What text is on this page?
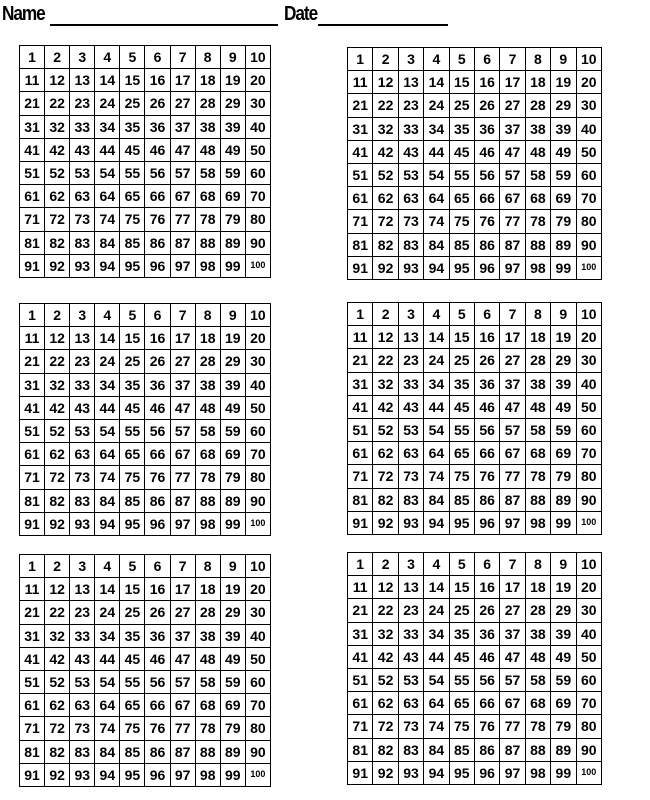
Name	Date
1	2	3	4	5	6	7	8	9	10
11	12	13	14	15	16	17	18	19	20
21	22	23	24	25	26	27	28	29	30
31	32	33	34	35	36	37	38	39	40
41	42	43	44	45	46	47	48	49	50
51	52	53	54	55	56	57	58	59	60
61	62	63	64	65	66	67	68	69	70
71	72	73	74	75	76	77	78	79	80
81	82	83	84	85	86	87	88	89	90
91	92	93	94	95	96	97	98	99	100
1	2	3	4	5	6	7	8	9	10
11	12	13	14	15	16	17	18	19	20
21	22	23	24	25	26	27	28	29	30
31	32	33	34	35	36	37	38	39	40
41	42	43	44	45	46	47	48	49	50
51	52	53	54	55	56	57	58	59	60
61	62	63	64	65	66	67	68	69	70
71	72	73	74	75	76	77	78	79	80
81	82	83	84	85	86	87	88	89	90
91	92	93	94	95	96	97	98	99	100
1	2	3	4	5	6	7	8	9	10
11	12	13	14	15	16	17	18	19	20
21	22	23	24	25	26	27	28	29	30
31	32	33	34	35	36	37	38	39	40
41	42	43	44	45	46	47	48	49	50
51	52	53	54	55	56	57	58	59	60
61	62	63	64	65	66	67	68	69	70
71	72	73	74	75	76	77	78	79	80
81	82	83	84	85	86	87	88	89	90
91	92	93	94	95	96	97	98	99	100
1	2	3	4	5	6	7	8	9	10
11	12	13	14	15	16	17	18	19	20
21	22	23	24	25	26	27	28	29	30
31	32	33	34	35	36	37	38	39	40
41	42	43	44	45	46	47	48	49	50
51	52	53	54	55	56	57	58	59	60
61	62	63	64	65	66	67	68	69	70
71	72	73	74	75	76	77	78	79	80
81	82	83	84	85	86	87	88	89	90
91	92	93	94	95	96	97	98	99	100
1	2	3	4	5	6	7	8	9	10
11	12	13	14	15	16	17	18	19	20
21	22	23	24	25	26	27	28	29	30
31	32	33	34	35	36	37	38	39	40
41	42	43	44	45	46	47	48	49	50
51	52	53	54	55	56	57	58	59	60
61	62	63	64	65	66	67	68	69	70
71	72	73	74	75	76	77	78	79	80
81	82	83	84	85	86	87	88	89	90
91	92	93	94	95	96	97	98	99	100
1	2	3	4	5	6	7	8	9	10
11	12	13	14	15	16	17	18	19	20
21	22	23	24	25	26	27	28	29	30
31	32	33	34	35	36	37	38	39	40
41	42	43	44	45	46	47	48	49	50
51	52	53	54	55	56	57	58	59	60
61	62	63	64	65	66	67	68	69	70
71	72	73	74	75	76	77	78	79	80
81	82	83	84	85	86	87	88	89	90
91	92	93	94	95	96	97	98	99	100
